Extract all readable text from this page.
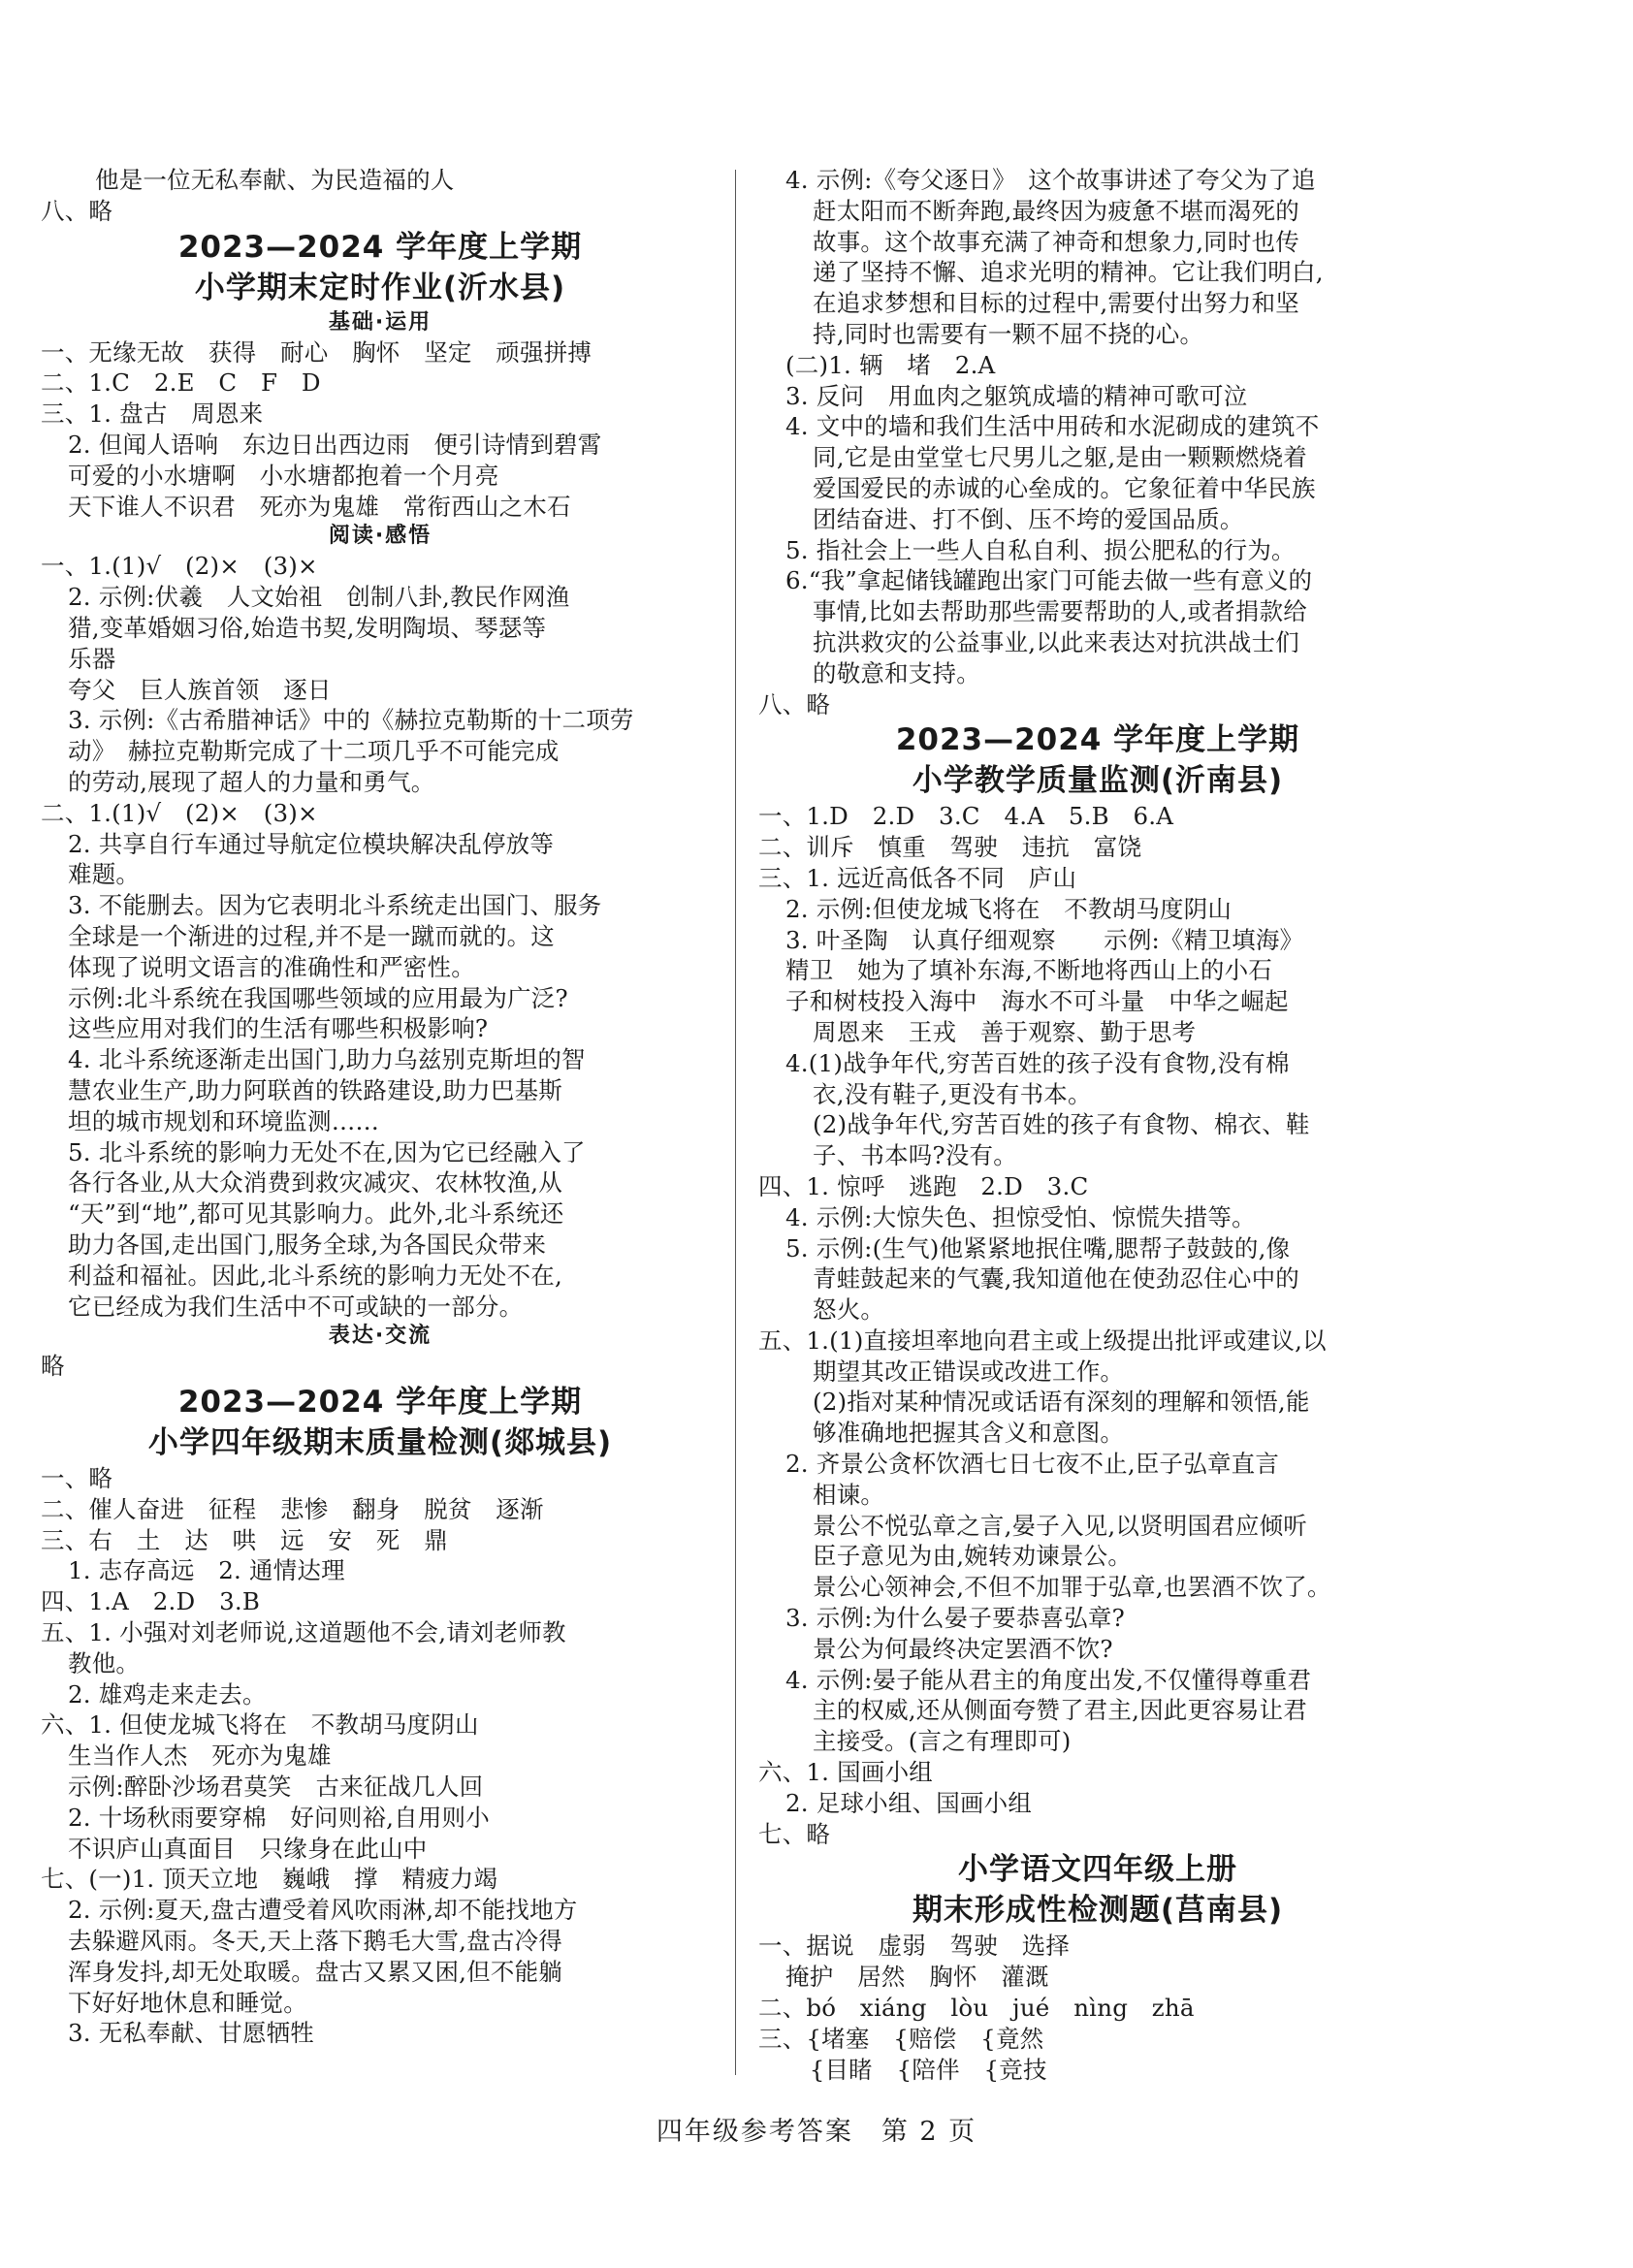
他是一位无私奉献、为民造福的人
八、略
2023—2024 学年度上学期
小学期末定时作业(沂水县)
基础·运用
一、无缘无故　获得　耐心　胸怀　坚定　顽强拼搏
二、1.C　2.E　C　F　D
三、1. 盘古　周恩来
2. 但闻人语响　东边日出西边雨　便引诗情到碧霄
可爱的小水塘啊　小水塘都抱着一个月亮
天下谁人不识君　死亦为鬼雄　常衔西山之木石
阅读·感悟
一、1.(1)√　(2)×　(3)×
2. 示例:伏羲　人文始祖　创制八卦,教民作网渔
猎,变革婚姻习俗,始造书契,发明陶埙、琴瑟等
乐器
夸父　巨人族首领　逐日
3. 示例:《古希腊神话》中的《赫拉克勒斯的十二项劳
动》　赫拉克勒斯完成了十二项几乎不可能完成
的劳动,展现了超人的力量和勇气。
二、1.(1)√　(2)×　(3)×
2. 共享自行车通过导航定位模块解决乱停放等
难题。
3. 不能删去。因为它表明北斗系统走出国门、服务
全球是一个渐进的过程,并不是一蹴而就的。这
体现了说明文语言的准确性和严密性。
示例:北斗系统在我国哪些领域的应用最为广泛?
这些应用对我们的生活有哪些积极影响?
4. 北斗系统逐渐走出国门,助力乌兹别克斯坦的智
慧农业生产,助力阿联酋的铁路建设,助力巴基斯
坦的城市规划和环境监测……
5. 北斗系统的影响力无处不在,因为它已经融入了
各行各业,从大众消费到救灾减灾、农林牧渔,从
“天”到“地”,都可见其影响力。此外,北斗系统还
助力各国,走出国门,服务全球,为各国民众带来
利益和福祉。因此,北斗系统的影响力无处不在,
它已经成为我们生活中不可或缺的一部分。
表达·交流
略
2023—2024 学年度上学期
小学四年级期末质量检测(郯城县)
一、略
二、催人奋进　征程　悲惨　翻身　脱贫　逐渐
三、右　土　达　哄　远　安　死　鼎
1. 志存高远　2. 通情达理
四、1.A　2.D　3.B
五、1. 小强对刘老师说,这道题他不会,请刘老师教
教他。
2. 雄鸡走来走去。
六、1. 但使龙城飞将在　不教胡马度阴山
生当作人杰　死亦为鬼雄
示例:醉卧沙场君莫笑　古来征战几人回
2. 十场秋雨要穿棉　好问则裕,自用则小
不识庐山真面目　只缘身在此山中
七、(一)1. 顶天立地　巍峨　撑　精疲力竭
2. 示例:夏天,盘古遭受着风吹雨淋,却不能找地方
去躲避风雨。冬天,天上落下鹅毛大雪,盘古冷得
浑身发抖,却无处取暖。盘古又累又困,但不能躺
下好好地休息和睡觉。
3. 无私奉献、甘愿牺牲
4. 示例:《夸父逐日》　这个故事讲述了夸父为了追
赶太阳而不断奔跑,最终因为疲惫不堪而渴死的
故事。这个故事充满了神奇和想象力,同时也传
递了坚持不懈、追求光明的精神。它让我们明白,
在追求梦想和目标的过程中,需要付出努力和坚
持,同时也需要有一颗不屈不挠的心。
(二)1. 辆　堵　2.A
3. 反问　用血肉之躯筑成墙的精神可歌可泣
4. 文中的墙和我们生活中用砖和水泥砌成的建筑不
同,它是由堂堂七尺男儿之躯,是由一颗颗燃烧着
爱国爱民的赤诚的心垒成的。它象征着中华民族
团结奋进、打不倒、压不垮的爱国品质。
5. 指社会上一些人自私自利、损公肥私的行为。
6.“我”拿起储钱罐跑出家门可能去做一些有意义的
事情,比如去帮助那些需要帮助的人,或者捐款给
抗洪救灾的公益事业,以此来表达对抗洪战士们
的敬意和支持。
八、略
2023—2024 学年度上学期
小学教学质量监测(沂南县)
一、1.D　2.D　3.C　4.A　5.B　6.A
二、训斥　慎重　驾驶　违抗　富饶
三、1. 远近高低各不同　庐山
2. 示例:但使龙城飞将在　不教胡马度阴山
3. 叶圣陶　认真仔细观察　　示例:《精卫填海》
精卫　她为了填补东海,不断地将西山上的小石
子和树枝投入海中　海水不可斗量　中华之崛起
周恩来　王戎　善于观察、勤于思考
4.(1)战争年代,穷苦百姓的孩子没有食物,没有棉
衣,没有鞋子,更没有书本。
(2)战争年代,穷苦百姓的孩子有食物、棉衣、鞋
子、书本吗?没有。
四、1. 惊呼　逃跑　2.D　3.C
4. 示例:大惊失色、担惊受怕、惊慌失措等。
5. 示例:(生气)他紧紧地抿住嘴,腮帮子鼓鼓的,像
青蛙鼓起来的气囊,我知道他在使劲忍住心中的
怒火。
五、1.(1)直接坦率地向君主或上级提出批评或建议,以
期望其改正错误或改进工作。
(2)指对某种情况或话语有深刻的理解和领悟,能
够准确地把握其含义和意图。
2. 齐景公贪杯饮酒七日七夜不止,臣子弘章直言
相谏。
景公不悦弘章之言,晏子入见,以贤明国君应倾听
臣子意见为由,婉转劝谏景公。
景公心领神会,不但不加罪于弘章,也罢酒不饮了。
3. 示例:为什么晏子要恭喜弘章?
景公为何最终决定罢酒不饮?
4. 示例:晏子能从君主的角度出发,不仅懂得尊重君
主的权威,还从侧面夸赞了君主,因此更容易让君
主接受。(言之有理即可)
六、1. 国画小组
2. 足球小组、国画小组
七、略
小学语文四年级上册
期末形成性检测题(莒南县)
一、据说　虚弱　驾驶　选择
掩护　居然　胸怀　灌溉
二、bó　xiáng　lòu　jué　nìng　zhā
三、{堵塞　{赔偿　{竟然
　{目睹　{陪伴　{竞技
四年级参考答案　第 2 页
